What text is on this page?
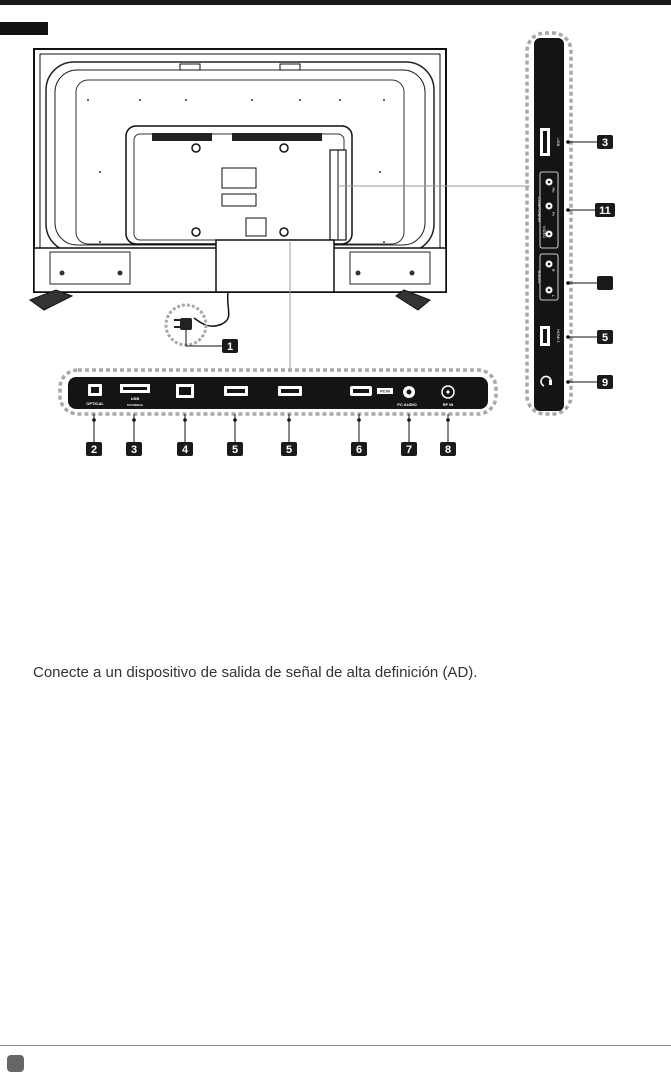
1
OPTICAL
USB
5V⎓500mA
PC IN
PC AUDIO	RF IN
2	3	4	5	5	6	7	8
USB
Pb
Pr
VIDEO
COMPONENT
R
L
AUDIO
HDMI 1
3
11
5
9
Conecte a un dispositivo de salida de señal de alta definición (AD).
